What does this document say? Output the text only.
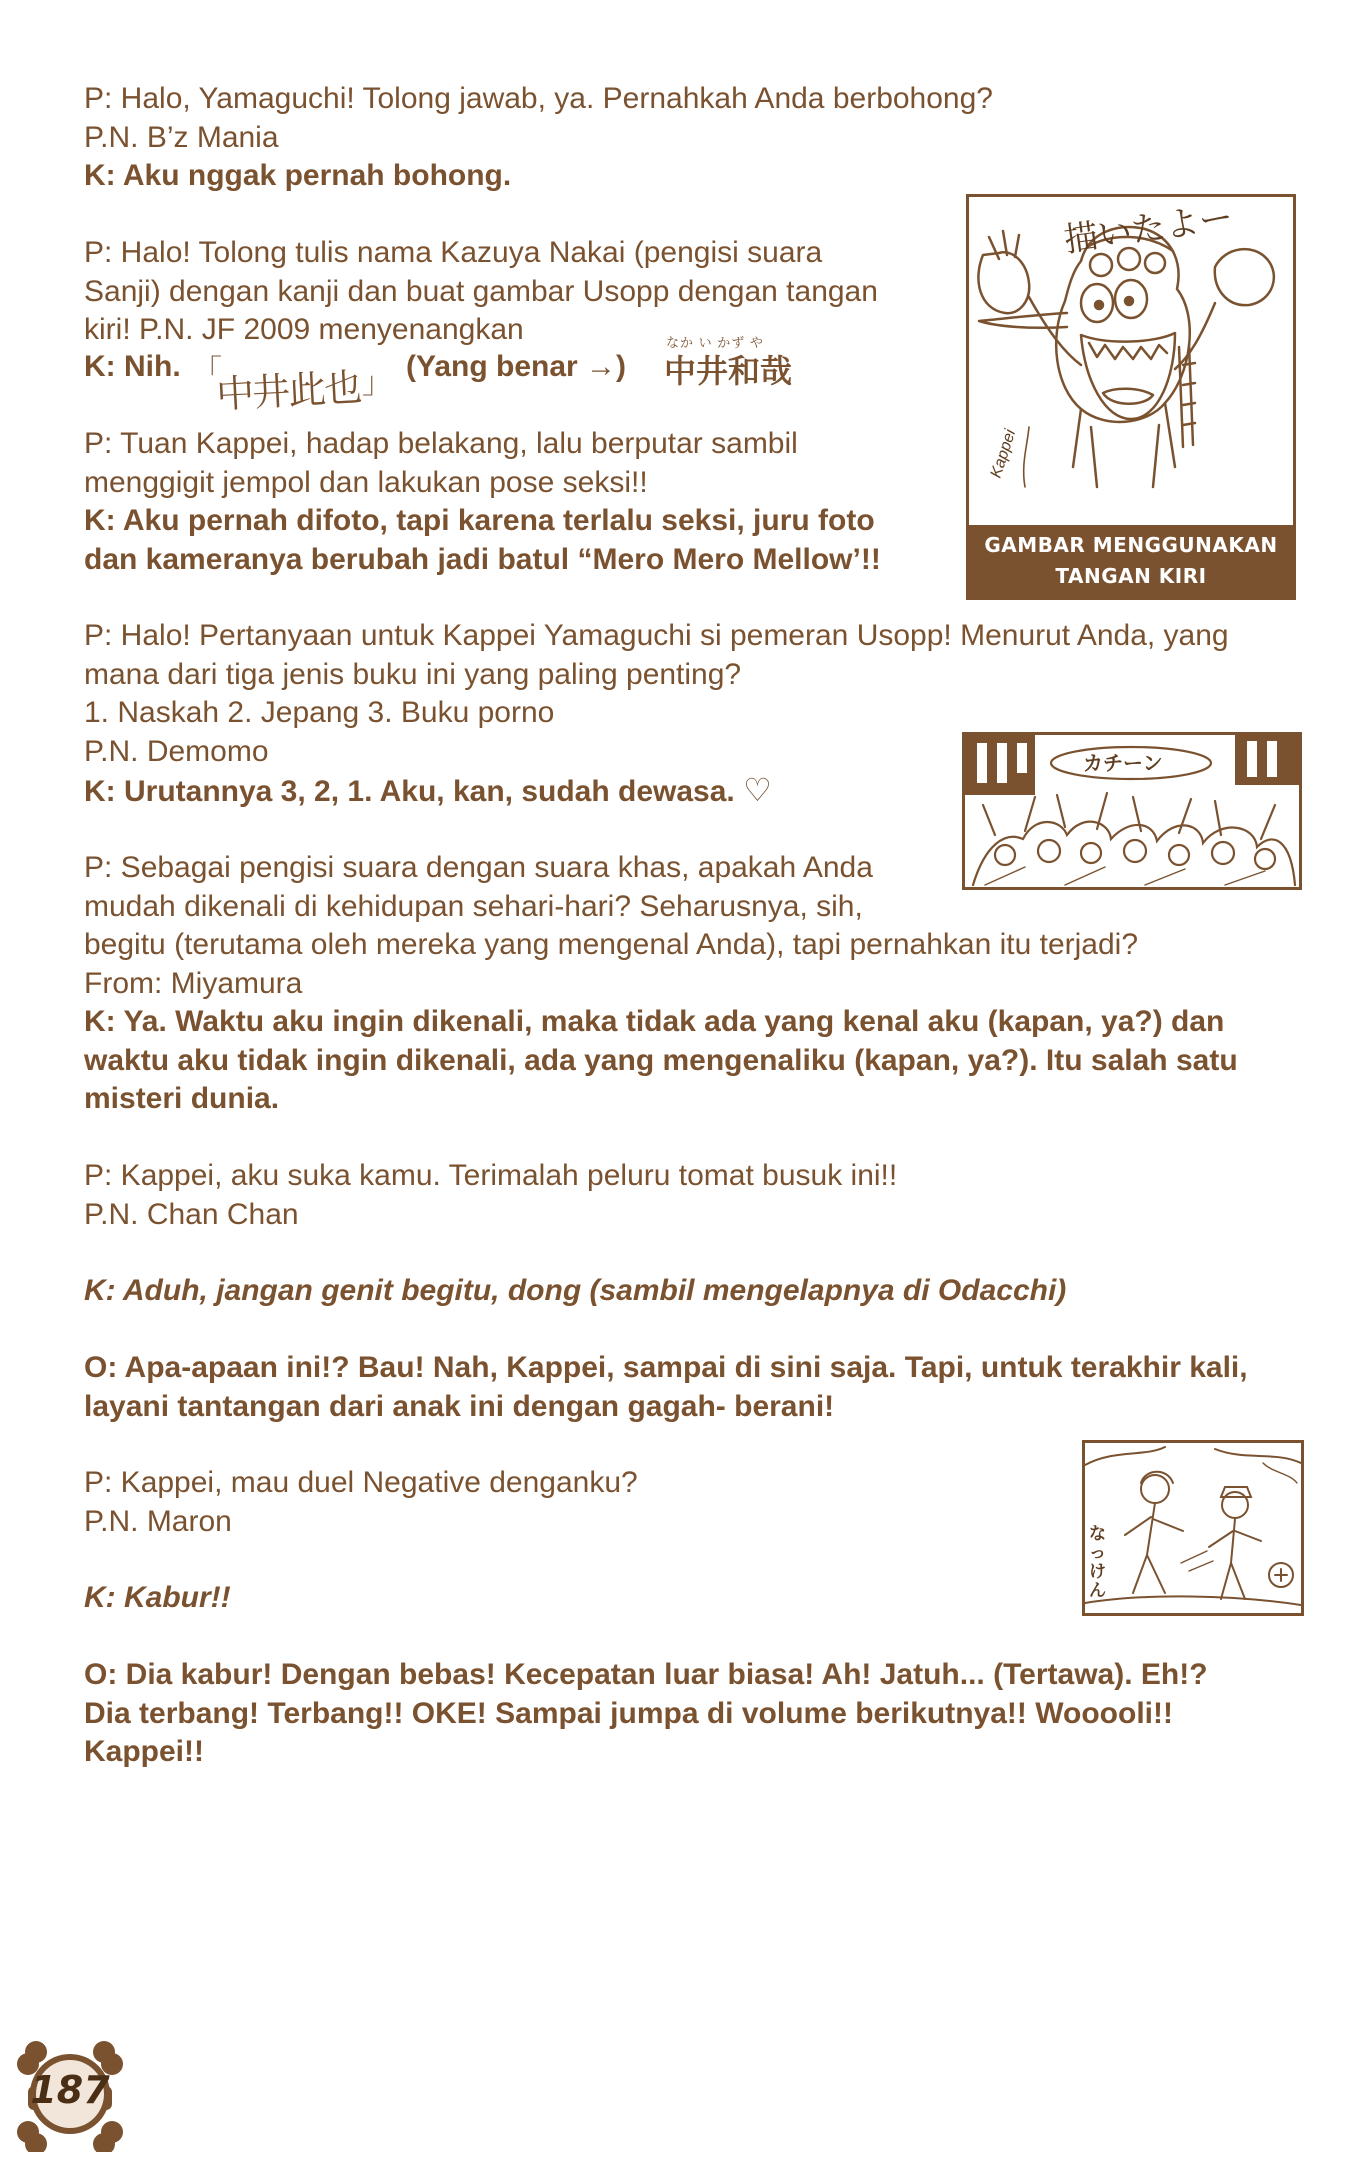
P: Halo, Yamaguchi! Tolong jawab, ya. Pernahkah Anda berbohong?
P.N. B’z Mania

K: Aku nggak pernah bohong.

P: Halo! Tolong tulis nama Kazuya Nakai (pengisi suara
Sanji) dengan kanji dan buat gambar Usopp dengan tangan
kiri! P.N. JF 2009 menyenangkan

K: Nih. 「
中井此也 」
(Yang benar →)
なか い かず や
中井和哉

P: Tuan Kappei, hadap belakang, lalu berputar sambil
menggigit jempol dan lakukan pose seksi!!

K: Aku pernah difoto, tapi karena terlalu seksi, juru foto
dan kameranya berubah jadi batul “Mero Mero Mellow’!!

P: Halo! Pertanyaan untuk Kappei Yamaguchi si pemeran Usopp! Menurut Anda, yang
mana dari tiga jenis buku ini yang paling penting?
1. Naskah 2. Jepang 3. Buku porno
P.N. Demomo

K: Urutannya 3, 2, 1. Aku, kan, sudah dewasa. ♡

P: Sebagai pengisi suara dengan suara khas, apakah Anda
mudah dikenali di kehidupan sehari-hari? Seharusnya, sih,
begitu (terutama oleh mereka yang mengenal Anda), tapi pernahkan itu terjadi?
From: Miyamura

K: Ya. Waktu aku ingin dikenali, maka tidak ada yang kenal aku (kapan, ya?) dan
waktu aku tidak ingin dikenali, ada yang mengenaliku (kapan, ya?). Itu salah satu
misteri dunia.

P: Kappei, aku suka kamu. Terimalah peluru tomat busuk ini!!
P.N. Chan Chan

K: Aduh, jangan genit begitu, dong (sambil mengelapnya di Odacchi)

O: Apa-apaan ini!? Bau! Nah, Kappei, sampai di sini saja. Tapi, untuk terakhir kali,
layani tantangan dari anak ini dengan gagah- berani!

P: Kappei, mau duel Negative denganku?
P.N. Maron

K: Kabur!!

O: Dia kabur! Dengan bebas! Kecepatan luar biasa! Ah! Jatuh... (Tertawa). Eh!?
Dia terbang! Terbang!! OKE! Sampai jumpa di volume berikutnya!! Wooooli!!
Kappei!!

描いたよー
Kappei
GAMBAR MENGGUNAKAN
TANGAN KIRI
カチーン
なっけん
187
